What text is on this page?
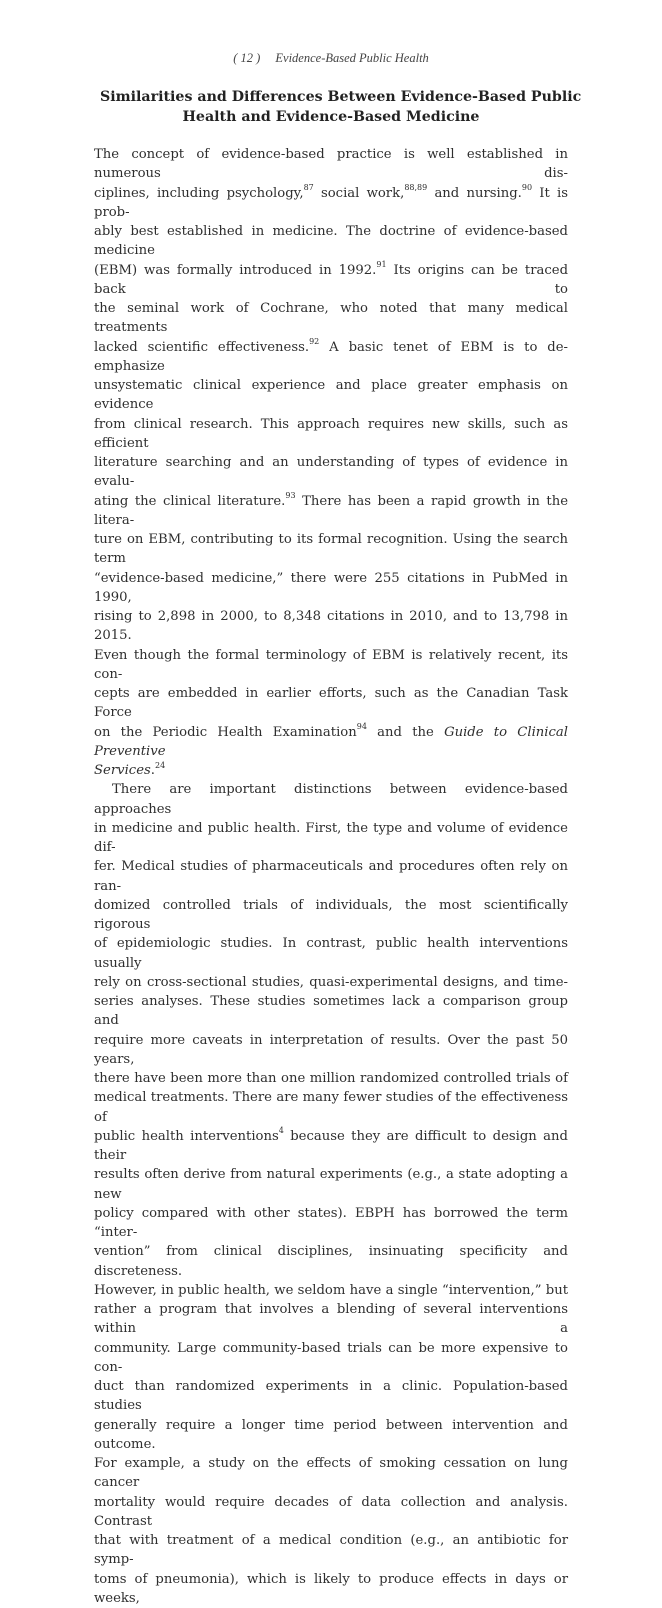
( 12 ) Evidence-Based Public Health
Similarities and Differences Between Evidence-Based Public
Health and Evidence-Based Medicine
The concept of evidence-based practice is well established in numerous dis-
ciplines, including psychology,$^{87}$ social work,$^{88,89}$ and nursing.$^{90}$ It is prob-
ably best established in medicine. The doctrine of evidence-based medicine
(EBM) was formally introduced in 1992.91 Its origins can be traced back to
the seminal work of Cochrane, who noted that many medical treatments
lacked scientific effectiveness.$^{92}$ A basic tenet of EBM is to de-emphasize
unsystematic clinical experience and place greater emphasis on evidence
from clinical research. This approach requires new skills, such as efficient
literature searching and an understanding of types of evidence in evalu-
ating the clinical literature.$^{93}$ There has been a rapid growth in the litera-
ture on EBM, contributing to its formal recognition. Using the search term
“evidence-based medicine,” there were 255 citations in PubMed in 1990,
rising to 2,898 in 2000, to 8,348 citations in 2010, and to 13,798 in 2015.
Even though the formal terminology of EBM is relatively recent, its con-
cepts are embedded in earlier efforts, such as the Canadian Task Force
on the Periodic Health Examination$^{94}$ and the Guide to Clinical Preventive
Services.$^{24}$
There are important distinctions between evidence-based approaches
in medicine and public health. First, the type and volume of evidence dif-
fer. Medical studies of pharmaceuticals and procedures often rely on ran-
domized controlled trials of individuals, the most scientifically rigorous
of epidemiologic studies. In contrast, public health interventions usually
rely on cross-sectional studies, quasi-experimental designs, and time-
series analyses. These studies sometimes lack a comparison group and
require more caveats in interpretation of results. Over the past 50 years,
there have been more than one million randomized controlled trials of
medical treatments. There are many fewer studies of the effectiveness of
public health interventions$^4$ because they are difficult to design and their
results often derive from natural experiments (e.g., a state adopting a new
policy compared with other states). EBPH has borrowed the term “inter-
vention” from clinical disciplines, insinuating specificity and discreteness.
However, in public health, we seldom have a single “intervention,” but
rather a program that involves a blending of several interventions within a
community. Large community-based trials can be more expensive to con-
duct than randomized experiments in a clinic. Population-based studies
generally require a longer time period between intervention and outcome.
For example, a study on the effects of smoking cessation on lung cancer
mortality would require decades of data collection and analysis. Contrast
that with treatment of a medical condition (e.g., an antibiotic for symp-
toms of pneumonia), which is likely to produce effects in days or weeks,
